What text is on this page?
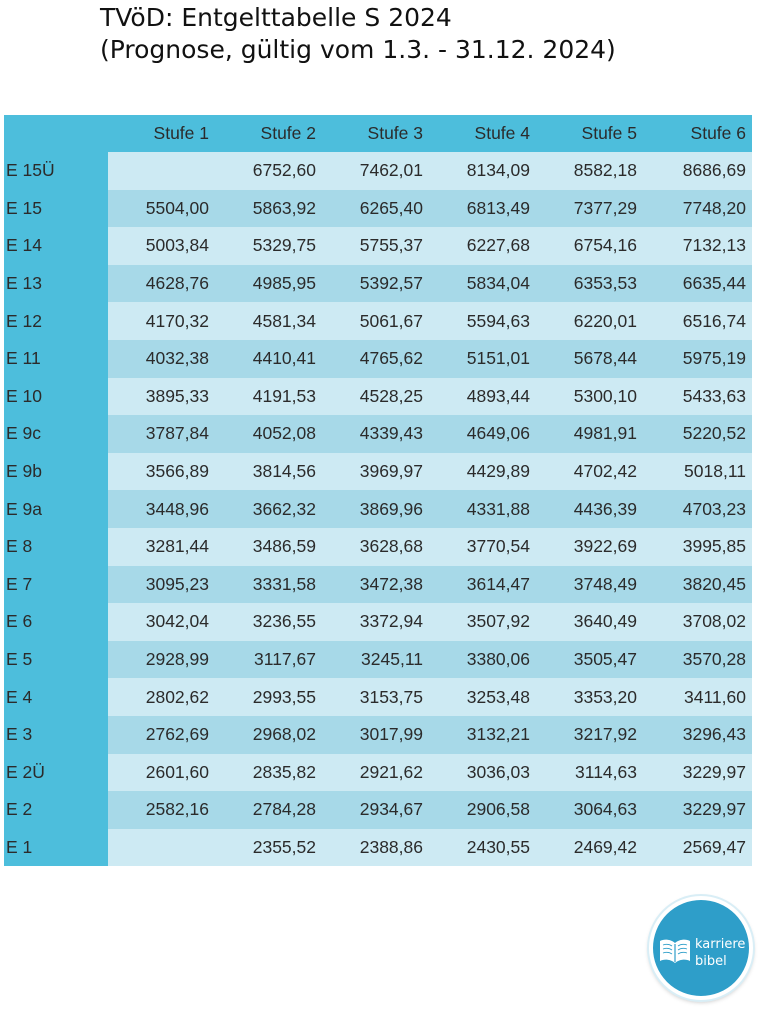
TVöD: Entgelttabelle S 2024
(Prognose, gültig vom 1.3. - 31.12. 2024)
	Stufe 1	Stufe 2	Stufe 3	Stufe 4	Stufe 5	Stufe 6
E 15Ü		6752,60	7462,01	8134,09	8582,18	8686,69
E 15	5504,00	5863,92	6265,40	6813,49	7377,29	7748,20
E 14	5003,84	5329,75	5755,37	6227,68	6754,16	7132,13
E 13	4628,76	4985,95	5392,57	5834,04	6353,53	6635,44
E 12	4170,32	4581,34	5061,67	5594,63	6220,01	6516,74
E 11	4032,38	4410,41	4765,62	5151,01	5678,44	5975,19
E 10	3895,33	4191,53	4528,25	4893,44	5300,10	5433,63
E 9c	3787,84	4052,08	4339,43	4649,06	4981,91	5220,52
E 9b	3566,89	3814,56	3969,97	4429,89	4702,42	5018,11
E 9a	3448,96	3662,32	3869,96	4331,88	4436,39	4703,23
E 8	3281,44	3486,59	3628,68	3770,54	3922,69	3995,85
E 7	3095,23	3331,58	3472,38	3614,47	3748,49	3820,45
E 6	3042,04	3236,55	3372,94	3507,92	3640,49	3708,02
E 5	2928,99	3117,67	3245,11	3380,06	3505,47	3570,28
E 4	2802,62	2993,55	3153,75	3253,48	3353,20	3411,60
E 3	2762,69	2968,02	3017,99	3132,21	3217,92	3296,43
E 2Ü	2601,60	2835,82	2921,62	3036,03	3114,63	3229,97
E 2	2582,16	2784,28	2934,67	2906,58	3064,63	3229,97
E 1		2355,52	2388,86	2430,55	2469,42	2569,47
karriere
bibel
